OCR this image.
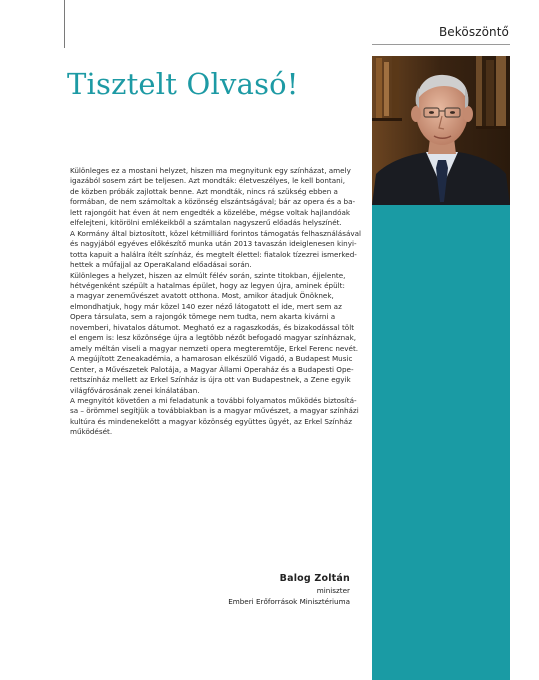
Beköszöntő
Tisztelt Olvasó!

Különleges ez a mostani helyzet, hiszen ma megnyitunk egy színházat, amely

igazából sosem zárt be teljesen. Azt mondták: életveszélyes, le kell bontani,

de közben próbák zajlottak benne. Azt mondták, nincs rá szükség ebben a

formában, de nem számoltak a közönség elszántságával; bár az opera és a ba-

lett rajongóit hat éven át nem engedték a közelébe, mégse voltak hajlandóak

elfelejteni, kitörölni emlékeikből a számtalan nagyszerű előadás helyszínét.

A Kormány által biztosított, közel kétmilliárd forintos támogatás felhasználásával

és nagyjából egyéves előkészítő munka után 2013 tavaszán ideiglenesen kinyi-

totta kapuit a halálra ítélt színház, és megtelt élettel: fiatalok tízezrei ismerked-

hettek a műfajjal az OperaKaland előadásai során.

Különleges a helyzet, hiszen az elmúlt félév során, szinte titokban, éjjelente,

hétvégenként szépült a hatalmas épület, hogy az legyen újra, aminek épült:

a magyar zeneművészet avatott otthona. Most, amikor átadjuk Önöknek,

elmondhatjuk, hogy már közel 140 ezer néző látogatott el ide, mert sem az

Opera társulata, sem a rajongók tömege nem tudta, nem akarta kivárni a

novemberi, hivatalos dátumot. Megható ez a ragaszkodás, és bizakodással tölt

el engem is: lesz közönsége újra a legtöbb nézőt befogadó magyar színháznak,

amely méltán viseli a magyar nemzeti opera megteremtője, Erkel Ferenc nevét.

A megújított Zeneakadémia, a hamarosan elkészülő Vigadó, a Budapest Music

Center, a Művészetek Palotája, a Magyar Állami Operaház és a Budapesti Ope-

rettszínház mellett az Erkel Színház is újra ott van Budapestnek, a Zene egyik

világfővárosának zenei kínálatában.

A megnyitót követően a mi feladatunk a további folyamatos működés biztosítá-

sa – örömmel segítjük a továbbiakban is a magyar művészet, a magyar színházi

kultúra és mindenekelőtt a magyar közönség együttes ügyét, az Erkel Színház

működését.

Balog Zoltán
miniszter
Emberi Erőforrások Minisztériuma
